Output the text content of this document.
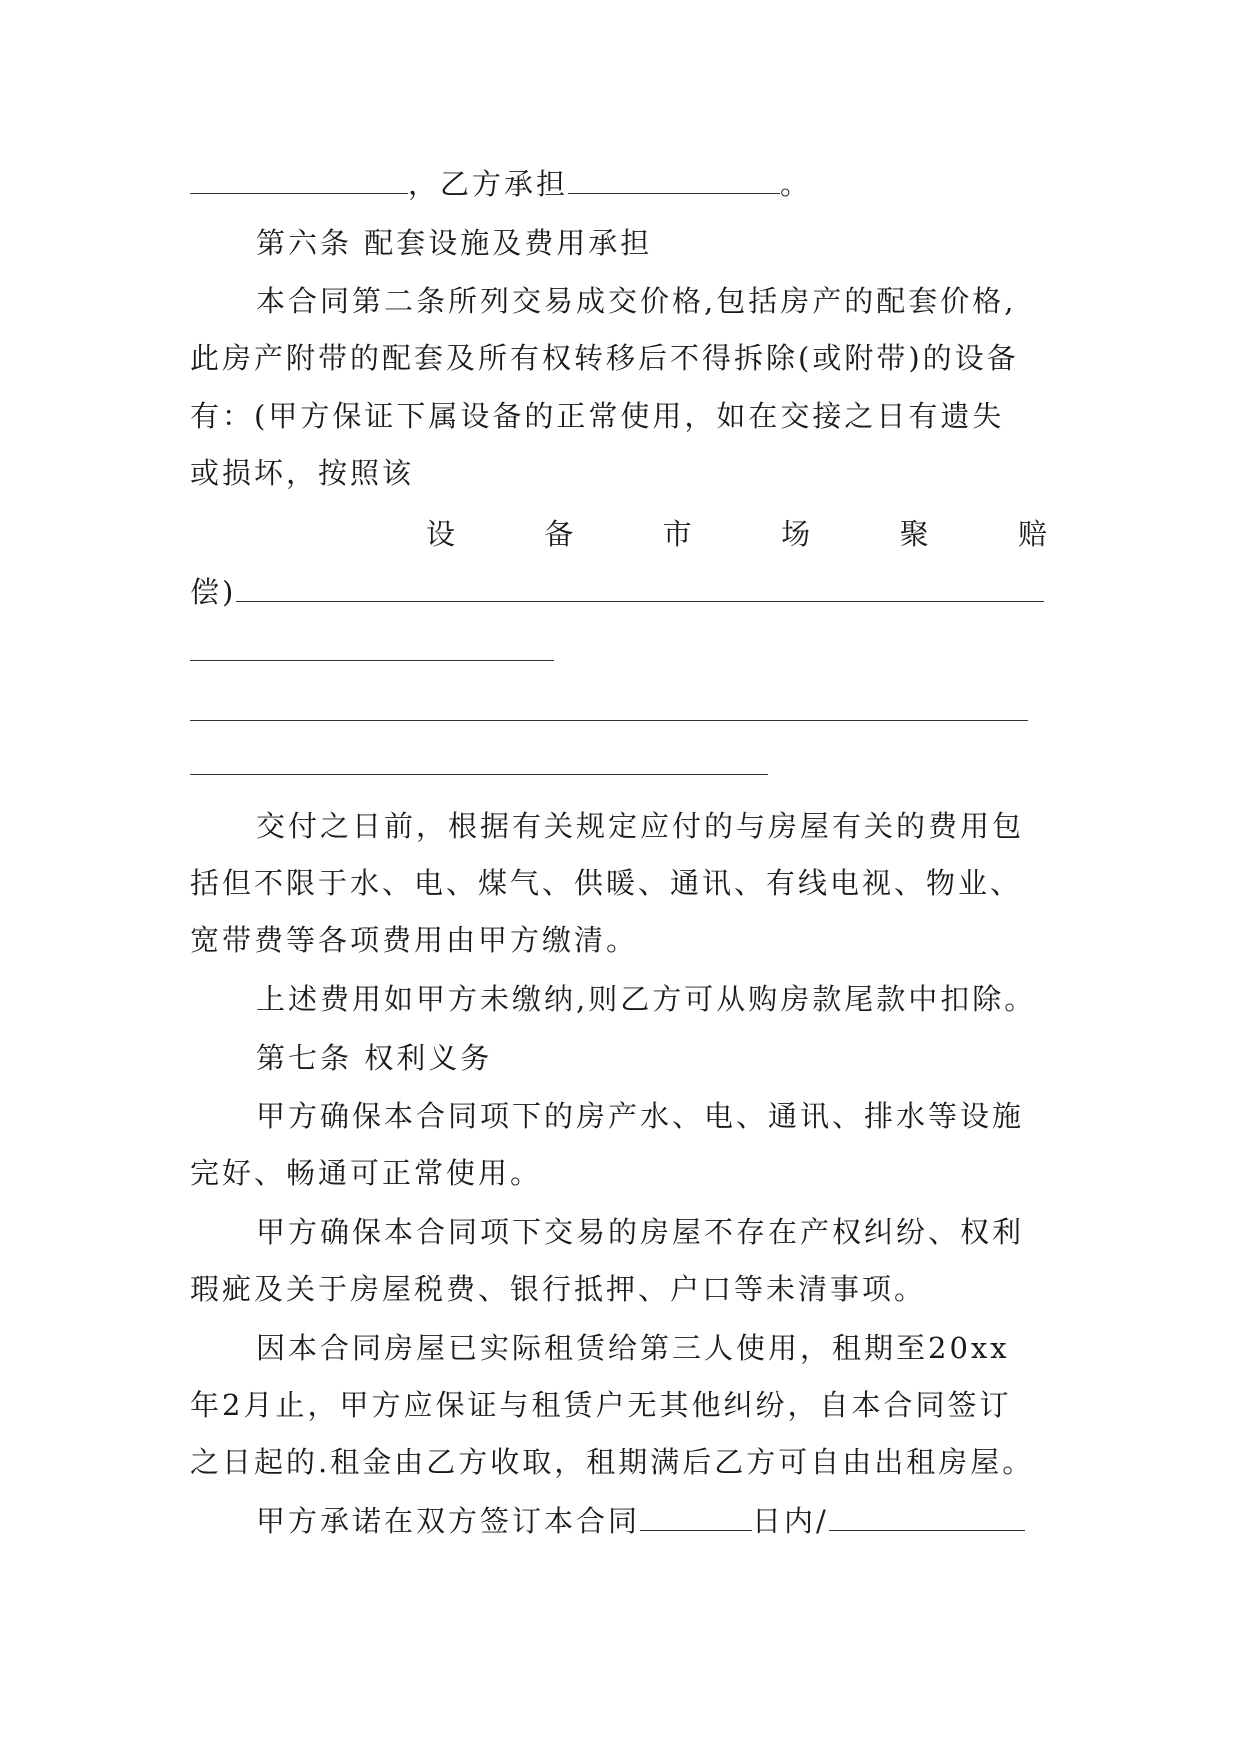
，乙方承担	。
第六条 配套设施及费用承担
本合同第二条所列交易成交价格,包括房产的配套价格,
此房产附带的配套及所有权转移后不得拆除(或附带)的设备
有：(甲方保证下属设备的正常使用，如在交接之日有遗失
或损坏，按照该
设	备	市	场	聚	赔
偿)
交付之日前，根据有关规定应付的与房屋有关的费用包
括但不限于水、电、煤气、供暖、通讯、有线电视、物业、
宽带费等各项费用由甲方缴清。
上述费用如甲方未缴纳,则乙方可从购房款尾款中扣除。
第七条 权利义务
甲方确保本合同项下的房产水、电、通讯、排水等设施
完好、畅通可正常使用。
甲方确保本合同项下交易的房屋不存在产权纠纷、权利
瑕疵及关于房屋税费、银行抵押、户口等未清事项。
因本合同房屋已实际租赁给第三人使用，租期至20xx
年2月止，甲方应保证与租赁户无其他纠纷，自本合同签订
之日起的.租金由乙方收取，租期满后乙方可自由出租房屋。
甲方承诺在双方签订本合同	日内/
